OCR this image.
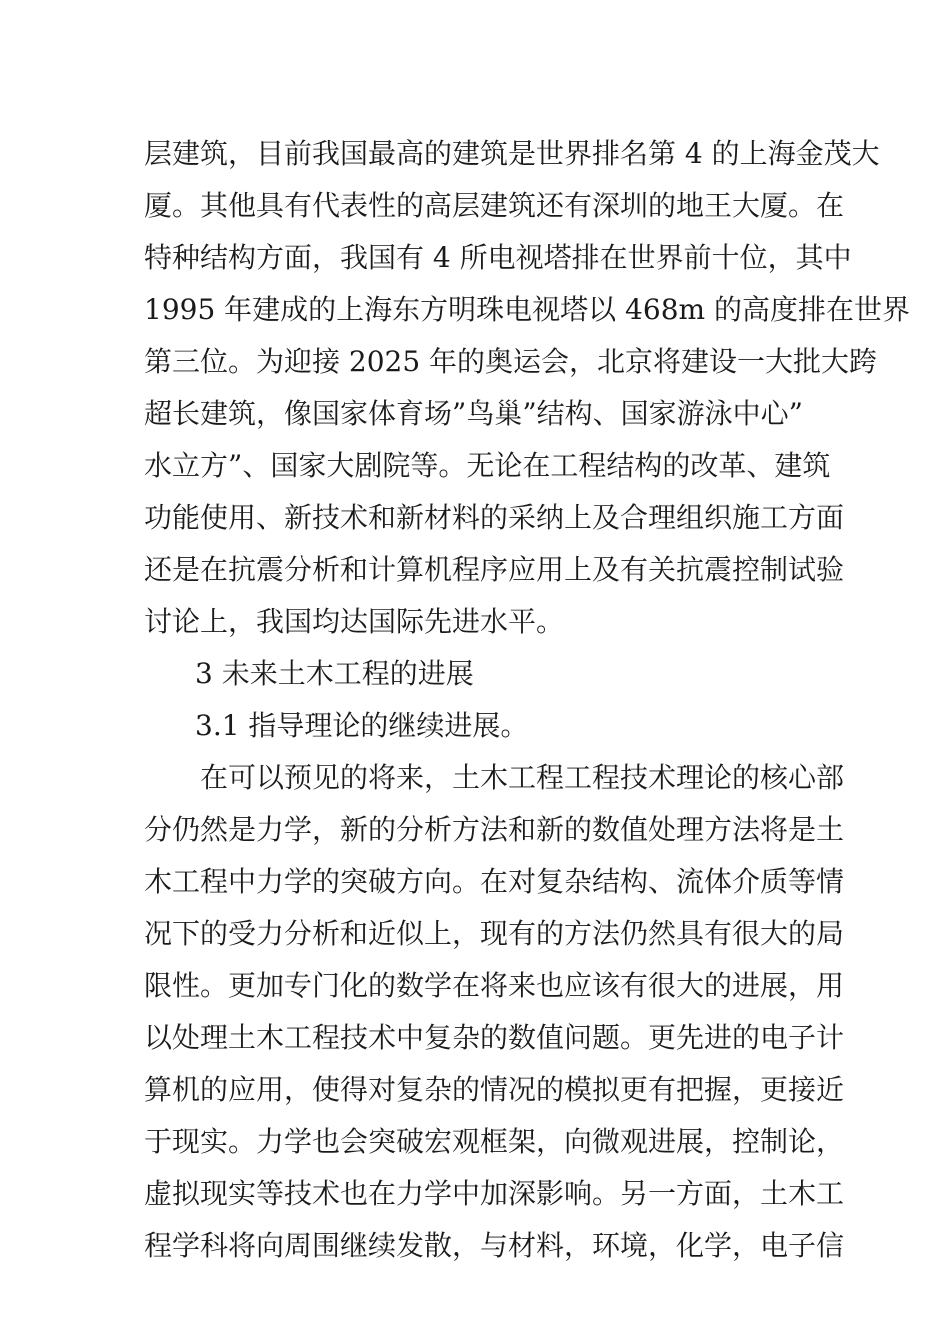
层建筑，目前我国最高的建筑是世界排名第 4 的上海金茂大
厦。其他具有代表性的高层建筑还有深圳的地王大厦。在
特种结构方面，我国有 4 所电视塔排在世界前十位，其中
1995 年建成的上海东方明珠电视塔以 468m 的高度排在世界
第三位。为迎接 2025 年的奥运会，北京将建设一大批大跨
超长建筑，像国家体育场”鸟巢”结构、国家游泳中心”
水立方”、国家大剧院等。无论在工程结构的改革、建筑
功能使用、新技术和新材料的采纳上及合理组织施工方面
还是在抗震分析和计算机程序应用上及有关抗震控制试验
讨论上，我国均达国际先进水平。
3 未来土木工程的进展
3.1 指导理论的继续进展。
在可以预见的将来，土木工程工程技术理论的核心部
分仍然是力学，新的分析方法和新的数值处理方法将是土
木工程中力学的突破方向。在对复杂结构、流体介质等情
况下的受力分析和近似上，现有的方法仍然具有很大的局
限性。更加专门化的数学在将来也应该有很大的进展，用
以处理土木工程技术中复杂的数值问题。更先进的电子计
算机的应用，使得对复杂的情况的模拟更有把握，更接近
于现实。力学也会突破宏观框架，向微观进展，控制论，
虚拟现实等技术也在力学中加深影响。另一方面，土木工
程学科将向周围继续发散，与材料，环境，化学，电子信
